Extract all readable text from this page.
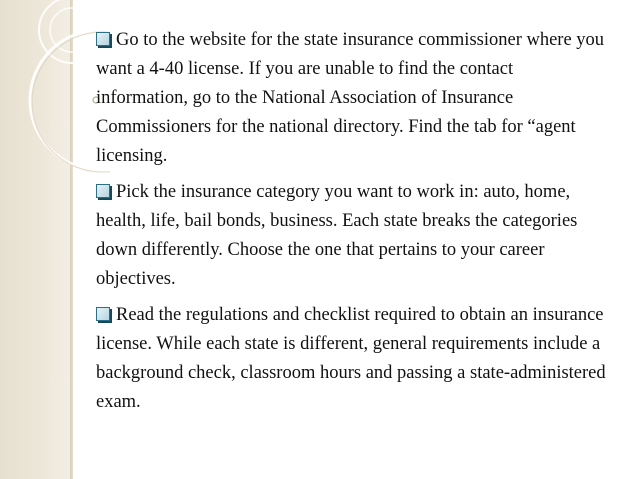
Go to the website for the state insurance commissioner where you want a 4-40 license. If you are unable to find the contact information, go to the National Association of Insurance Commissioners for the national directory. Find the tab for “agent licensing.

Pick the insurance category you want to work in: auto, home, health, life, bail bonds, business. Each state breaks the categories down differently. Choose the one that pertains to your career objectives.

Read the regulations and checklist required to obtain an insurance license. While each state is different, general requirements include a background check, classroom hours and passing a state-administered exam.
